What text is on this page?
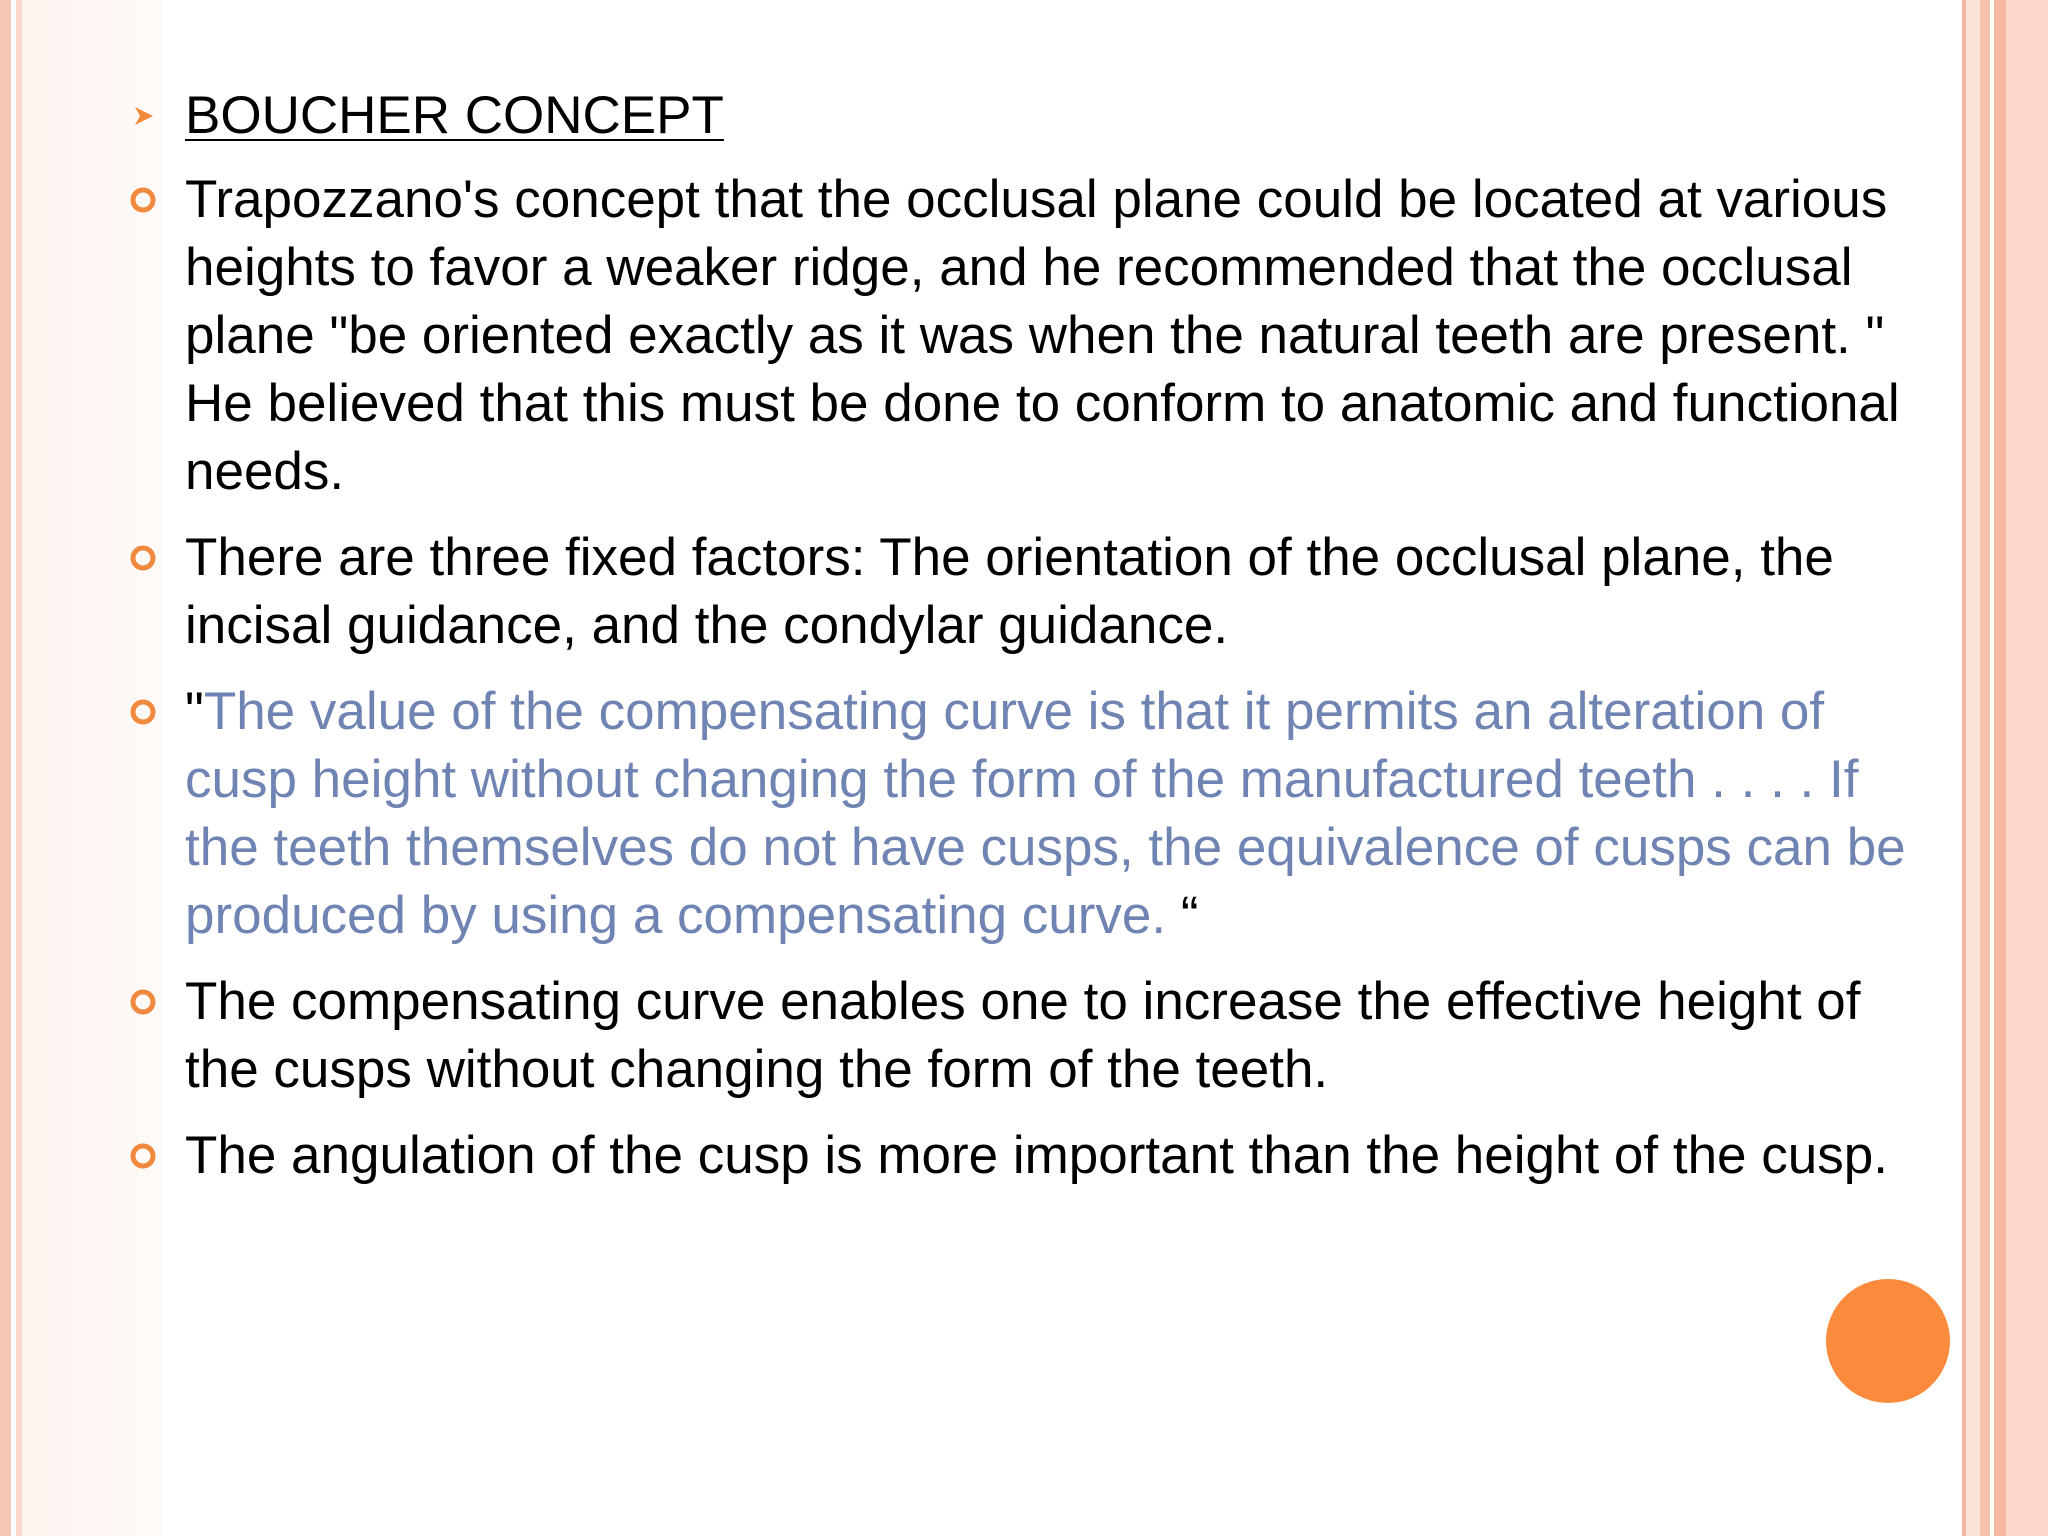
BOUCHER CONCEPT
Trapozzano's concept that the occlusal plane could be located at various heights to favor a weaker ridge, and he recommended that the occlusal plane "be oriented exactly as it was when the natural teeth are present. " He believed that this must be done to conform to anatomic and functional needs.
There are three fixed factors: The orientation of the occlusal plane, the incisal guidance, and the condylar guidance.
"The value of the compensating curve is that it permits an alteration of cusp height without changing the form of the manufactured teeth . . . . If the teeth themselves do not have cusps, the equivalence of cusps can be produced by using a compensating curve. “
The compensating curve enables one to increase the effective height of the cusps without changing the form of the teeth.
The angulation of the cusp is more important than the height of the cusp.
